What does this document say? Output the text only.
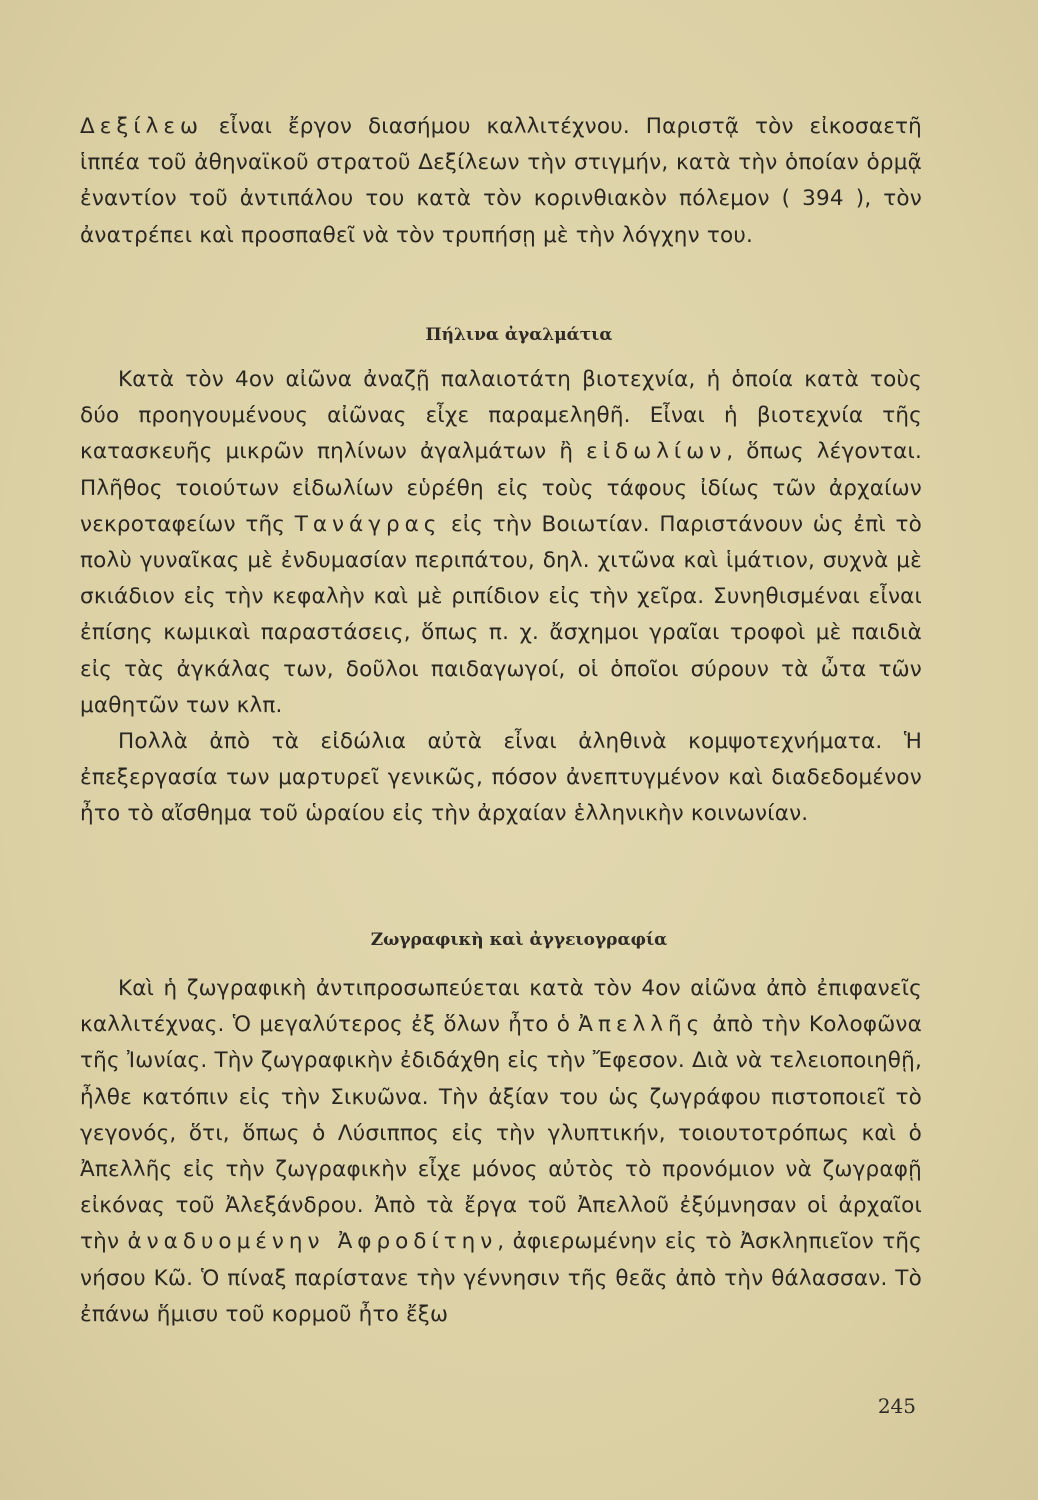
Δεξίλεω εἶναι ἔργον διασήμου καλλιτέχνου. Παριστᾷ τὸν εἰκοσαετῆ ἱππέα τοῦ ἀθηναϊκοῦ στρατοῦ Δεξίλεων τὴν στιγμήν, κατὰ τὴν ὁποίαν ὁρμᾷ ἐναντίον τοῦ ἀντιπάλου του κατὰ τὸν κορινθιακὸν πόλεμον ( 394 ), τὸν ἀνατρέπει καὶ προσπαθεῖ νὰ τὸν τρυπήσῃ μὲ τὴν λόγχην του.

Πήλινα ἀγαλμάτια

Κατὰ τὸν 4ον αἰῶνα ἀναζῇ παλαιοτάτη βιοτεχνία, ἡ ὁποία κατὰ τοὺς δύο προηγουμένους αἰῶνας εἶχε παραμεληθῆ. Εἶναι ἡ βιοτεχνία τῆς κατασκευῆς μικρῶν πηλίνων ἀγαλμάτων ἢ εἰδωλίων, ὅπως λέγονται. Πλῆθος τοιούτων εἰδωλίων εὑρέθη εἰς τοὺς τάφους ἰδίως τῶν ἀρχαίων νεκροταφείων τῆς Τανάγρας εἰς τὴν Βοιωτίαν. Παριστάνουν ὡς ἐπὶ τὸ πολὺ γυναῖκας μὲ ἐνδυμασίαν περιπάτου, δηλ. χιτῶνα καὶ ἱμάτιον, συχνὰ μὲ σκιάδιον εἰς τὴν κεφαλὴν καὶ μὲ ριπίδιον εἰς τὴν χεῖρα. Συνηθισμέναι εἶναι ἐπίσης κωμικαὶ παραστάσεις, ὅπως π. χ. ἄσχημοι γραῖαι τροφοὶ μὲ παιδιὰ εἰς τὰς ἀγκάλας των, δοῦλοι παιδαγωγοί, οἱ ὁποῖοι σύρουν τὰ ὦτα τῶν μαθητῶν των κλπ.

Πολλὰ ἀπὸ τὰ εἰδώλια αὐτὰ εἶναι ἀληθινὰ κομψοτεχνήματα. Ἡ ἐπεξεργασία των μαρτυρεῖ γενικῶς, πόσον ἀνεπτυγμένον καὶ διαδεδομένον ἦτο τὸ αἴσθημα τοῦ ὡραίου εἰς τὴν ἀρχαίαν ἑλληνικὴν κοινωνίαν.

Ζωγραφικὴ καὶ ἀγγειογραφία

Καὶ ἡ ζωγραφικὴ ἀντιπροσωπεύεται κατὰ τὸν 4ον αἰῶνα ἀπὸ ἐπιφανεῖς καλλιτέχνας. Ὁ μεγαλύτερος ἐξ ὅλων ἦτο ὁ Ἀπελλῆς ἀπὸ τὴν Κολοφῶνα τῆς Ἰωνίας. Τὴν ζωγραφικὴν ἐδιδάχθη εἰς τὴν Ἔφεσον. Διὰ νὰ τελειοποιηθῇ, ἦλθε κατόπιν εἰς τὴν Σικυῶνα. Τὴν ἀξίαν του ὡς ζωγράφου πιστοποιεῖ τὸ γεγονός, ὅτι, ὅπως ὁ Λύσιππος εἰς τὴν γλυπτικήν, τοιουτοτρόπως καὶ ὁ Ἀπελλῆς εἰς τὴν ζωγραφικὴν εἶχε μόνος αὐτὸς τὸ προνόμιον νὰ ζωγραφῇ εἰκόνας τοῦ Ἀλεξάνδρου. Ἀπὸ τὰ ἔργα τοῦ Ἀπελλοῦ ἐξύμνησαν οἱ ἀρχαῖοι τὴν ἀναδυομένην Ἀφροδίτην, ἀφιερωμένην εἰς τὸ Ἀσκληπιεῖον τῆς νήσου Κῶ. Ὁ πίναξ παρίστανε τὴν γέννησιν τῆς θεᾶς ἀπὸ τὴν θάλασσαν. Τὸ ἐπάνω ἥμισυ τοῦ κορμοῦ ἦτο ἔξω

245
